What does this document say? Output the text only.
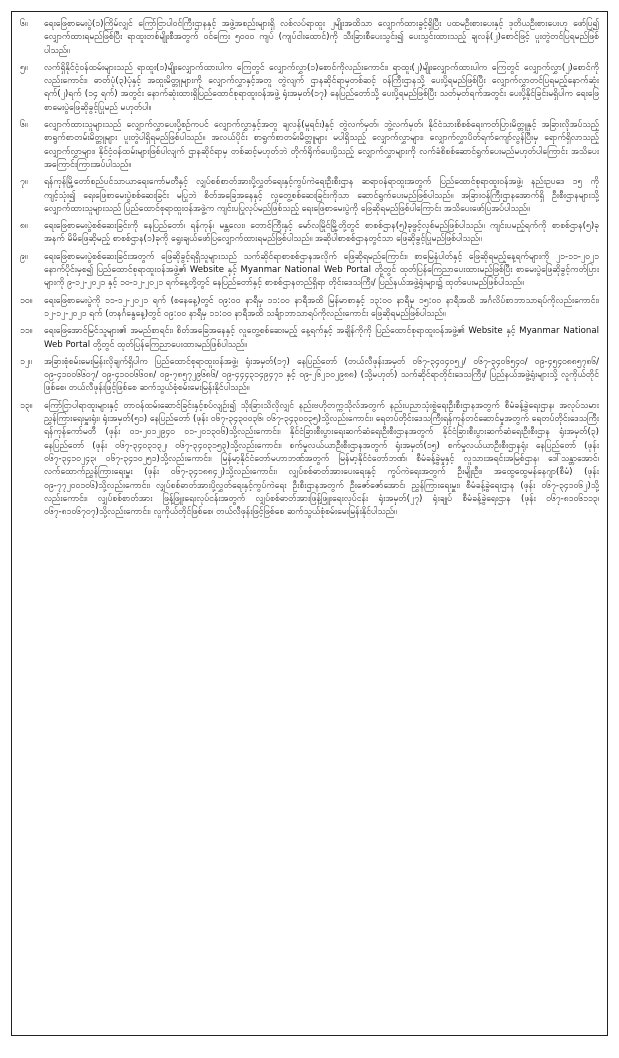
၆။	ရေးဖြေစာမေးပွဲ(၁)ကြိမ်လျှင် ကြော်ငြာပါဝင်ကြီးဌာနနှင့် အဖွဲ့အစည်းများရှိ လစ်လပ်ရာထူး ၂မျိုးအထိသာ လျှောက်ထားခွင့်ရှိပြီး ပထမဦးစားပေးနှင့် ဒုတိယဦးစားပေးဟု ဖော်ပြ၍ လျှောက်ထားရမည်ဖြစ်ပြီး ရာထူးတစ်မျိုးစီအတွက် ဝင်ကြေး ၅၀၀၀ ကျပ် (ကျပ်ငါးထောင်)ကို သီးခြားစီပေးသွင်း၍ ပေးသွင်းထားသည့် ချလန်(၂)စောင်ဖြင့် ပူးတွဲတင်ပြရမည်ဖြစ်ပါသည်။
၅။	လက်ရှိနိုင်ငံ့ဝန်ထမ်းများသည် ရာထူး(၁)မျိုးလျှောက်ထားပါက ကြေတွင် လျှောက်လွှာ(၁)စောင်ကိုလည်းကောင်း၊ ရာထူး(၂)မျိုးလျှောက်ထားပါက ကြေတွင် လျှောက်လွှာ(၂)စောင်ကိုလည်းကောင်း၊ ဓာတ်ပုံ(၃)ပုံနှင့် အထူးမိတ္တူများကို လျှောက်လွှာနှင့်အတူ တွဲလျက် ဌာနဆိုင်ရာမှတစ်ဆင့် ဝန်ကြီးဌာနသို့ ပေးပို့ရမည်ဖြစ်ပြီး လျှောက်လွှာတင်ပြရမည့်နောက်ဆုံးရက်(၂)ရက် (၁၄ ရက်) အတွင်း နောက်ဆုံးထားရှိပြည်ထောင်စုရာထူးဝန်အဖွဲ့ ရုံးအမှတ်(၁၇) နေပြည်တော်သို့ ပေးပို့ရမည်ဖြစ်ပြီး သတ်မှတ်ရက်အတွင်း ပေးပို့နိုင်ခြင်းမရှိပါက ရေးဖြေစာမေးပွဲဖြေဆိုခွင့်ပြုမည် မဟုတ်ပါ။
၆။	လျှောက်ထားသူများသည် လျှောက်လွှာပေးပို့စဉ်ကပင် လျှောက်လွှာနှင့်အတူ ချလန်(မူရင်း)နှင့် တွဲလက်မှတ်၊ ဘွဲ့လက်မှတ်၊ နိုင်ငံသားစိစစ်ရေးကတ်ပြားမိတ္တူနှင့် အခြားလိုအပ်သည့်စာရွက်စာတမ်းမိတ္တူများ ပူးတွဲပါရှိရမည်ဖြစ်ပါသည်။ အလယ်ပိုင်း စာရွက်စာတမ်းမိတ္တူများ မပါရှိသည့် လျှောက်လွှာများ၊ လျှောက်လွှာပိတ်ရက်ကျော်လွန်ပြီးမှ ရောက်ရှိလာသည့် လျှောက်လွှာများ၊ နိုင်ငံ့ဝန်ထမ်းများဖြစ်ပါလျက် ဌာနဆိုင်ရာမှ တစ်ဆင့်မဟုတ်ဘဲ တိုက်ရိုက်ပေးပို့သည့် လျှောက်လွှာများကို လက်ခံစိစစ်ဆောင်ရွက်ပေးမည်မဟုတ်ပါကြောင်း အသိပေးအကြောင်းကြားအပ်ပါသည်။
၇။	ရန်ကုန်မြို့တော်စည်ပင်သာယာရေးကော်မတီနှင့် လျှပ်စစ်စာတ်အားပို့လွှတ်ရေးနှင့်ကွပ်ကဲရေးဦးစီးဌာန ဆရာဝန်ရာထူးအတွက် ပြည်ထောင်စုရာထူးဝန်အဖွဲ့၊ နည်းဥပဒေ ၁၅ ကို ကျင့်သုံး၍ ရေးဖြေစာမေးပွဲစစ်ဆေးခြင်း မပြုဘဲ စိတ်အခြေအနေနှင့် လူတွေ့စစ်ဆေးခြင်းကိုသာ ဆောင်ရွက်ပေးမည်ဖြစ်ပါသည်။ အခြားဝန်ကြီးဌာနအောက်ရှိ ဦးစီးဌာနများသို့ လျှောက်ထားသူများသည် ပြည်ထောင်စုရာထူးဝန်အဖွဲ့က ကျင်းပပြုလုပ်မည်ဖြစ်သည့် ရေးဖြေစာမေးပွဲကို ဖြေဆိုရမည်ဖြစ်ပါကြောင်း အသိပေးဖော်ပြအပ်ပါသည်။
၈။	ရေးဖြေစာမေးပွဲစစ်ဆေးခြင်းကို နေပြည်တော်၊ ရန်ကုန်၊ မန္တလေး၊ တောင်ကြီးနှင့် မော်လမြိုင်မြို့တို့တွင် စာစစ်ဌာန(၅)ခုဖွင့်လှစ်မည်ဖြစ်ပါသည်။ ကျင်းပမည့်ရက်ကို စာစစ်ဌာန(၅)ခုအနက် မိမိဖြေဆိုမည့် စာစစ်ဌာန(၁)ခုကို ရွေးချယ်ဖော်ပြလျှောက်ထားရမည်ဖြစ်ပါသည်။ အဆိုပါစာစစ်ဌာနတွင်သာ ဖြေဆိုခွင့်ပြုမည်ဖြစ်ပါသည်။
၉။	ရေးဖြေစာမေးပွဲစစ်ဆေးခြင်းအတွက် ဖြေဆိုခွင့်ရရှိသူများသည် သက်ဆိုင်ရာစာစစ်ဌာနအလိုက် ဖြေဆိုရမည်ကြောင်း၊ စာမြေနံပါတ်နှင့် ဖြေဆိုရမည့်နေ့ရက်များကို ၂၁-၁၁-၂၀၂၁ နောက်ပိုင်းမှစ၍ ပြည်ထောင်စုရာထူးဝန်အဖွဲ့၏ Website နှင့် Myanmar National Web Portal တို့တွင် ထုတ်ပြန်ကြေညာပေးထားမည်ဖြစ်ပြီး စာမေးပွဲဖြေဆိုခွင့်ကတ်ပြားများကို ၉-၁၂-၂၀၂၁ နှင့် ၁၀-၁၂-၂၀၂၁ ရက်နေ့တို့တွင် နေပြည်တော်နှင့် စာစစ်ဌာနတည်ရှိရာ တိုင်းဒေသကြီး/ ပြည်နယ်အဖွဲ့ရုံးများ၌ ထုတ်ပေးမည်ဖြစ်ပါသည်။
၁၀။	ရေးဖြေစာမေးပွဲကို ၁၁-၁၂-၂၀၂၁ ရက် (စနေနေ့)တွင် ၀၉:၀၀ နာရီမှ ၁၁:၀၀ နာရီအထိ မြန်မာစာနှင့် ၁၃:၀၀ နာရီမှ ၁၅:၀၀ နာရီအထိ အင်္ဂလိပ်စာဘာသာရပ်ကိုလည်းကောင်း၊ ၁၂-၁၂-၂၀၂၁ ရက် (တနင်္ဂနွေနေ့)တွင် ၀၉:၀၀ နာရီမှ ၁၁:၀၀ နာရီအထိ သင်္ချာဘာသာရပ်ကိုလည်းကောင်း ဖြေဆိုရမည်ဖြစ်ပါသည်။
၁၁။	ရေးဖြေအောင်မြင်သူများ၏ အမည်စာရင်း၊ စိတ်အခြေအနေနှင့် လူတွေ့စစ်ဆေးမည့် နေ့ရက်နှင့် အချိန်ကိုကို ပြည်ထောင်စုရာထူးဝန်အဖွဲ့၏ Website နှင့် Myanmar National Web Portal တို့တွင် ထုတ်ပြန်ကြေညာပေးထားမည်ဖြစ်ပါသည်။
၁၂။	အခြားစုံစမ်းမေးမြန်းလိုချက်ရှိပါက ပြည်ထောင်စုရာထူးဝန်အဖွဲ့၊ ရုံးအမှတ်(၁၇) နေပြည်တော် (တယ်လီဖုန်းအမှတ် ၀၆၇-၃၄၀၄၀၅၂/ ၀၆၇-၃၄၀၆၅၄၀/ ၀၉-၄၅၄၀၈၈၅၇၈၆/ ၀၉-၄၁၀၀၆၆၀၇/ ၀၉-၄၁၀၀၆၆၀၈/ ၀၉-၇၈၅၇၂၉၆၈၆/ ၀၉-၄၄၄၃၁၄၉၄၇၁ နှင့် ၀၉-၂၆၂၁၀၂၉၈၈) (သို့မဟုတ်) သက်ဆိုင်ရာတိုင်းဒေသကြီး/ ပြည်နယ်အဖွဲ့ရုံးများသို့ လူကိုယ်တိုင်ဖြစ်စေ၊ တယ်လီဖုန်းဖြင့်ဖြစ်စေ ဆက်သွယ်စုံစမ်းမေးမြန်းနိုင်ပါသည်။
၁၃။	ကြော်ငြာပါရာထူးများနှင့် တာဝန်ထမ်းဆောင်ခြင်းနှင့်စပ်လျဉ်း၍ သိုးခြားသိလိုလျှင် နည်းဗဟိုတက္ကသိုလ်အတွက် နည်းပညာသုံးစွဲရေးဦးစီးဌာနအတွက် စီမံခန့်ခွဲရေးဌာန၊ အလုပ်သမားညွှန်ကြားရေးမှူးရုံး၊ ရုံးအမှတ်(၅၁) နေပြည်တော် (ဖုန်း ၀၆၇-၃၄၃၀၀၃၆၊ ၀၆၇-၃၄၃၀၀၃၅)သို့လည်းကောင်း၊ ရေတပ်တိုင်းဒေသကြီးရန်ကုန်တင်ဆောင်မှုအတွက် ရေတပ်တိုင်းဒေသကြီးရန်ကုန်ကော်မတီ (ဖုန်း ၀၁-၂၀၁၂၉၄၀ ၀၁-၂၀၁၃၀၆)သို့လည်းကောင်း၊ နိုင်ငံခြားစီးပွားရေးဆက်ဆံရေးဦးစီးဌာနအတွက် နိုင်ငံခြားစီးပွားဆက်ဆံရေးဦးစီးဌာန ရုံးအမှတ်(၃) နေပြည်တော် (ဖုန်း ၀၆၇-၃၄၀၃၁၃၂၊ ၀၆၇-၃၄၀၃၁၅၃)သို့လည်းကောင်း၊ စက်မှုလယ်ယာဦးစီးဌာနအတွက် ရုံးအမှတ်(၁၅) စက်မှုလယ်ယာဦးစီးဌာနရုံး နေပြည်တော် (ဖုန်း ၀၆၇-၃၄၁၀၂၄၃၊ ၀၆၇-၃၄၁၀၂၅၁)သို့လည်းကောင်း၊ မြန်မာ့နိုင်ငံတော်မဟာဘဏ်အတွက် မြန်မာ့နိုင်ငံတော်ဘဏ်၊ စီမံခန့်ခွဲမှုနှင့် လူသားအရင်းအမြစ်ဌာန၊ ဒေါ်သန္တာအောင်၊ လက်ထောက်ညွှန်ကြားရေးမှူး (ဖုန်း ၀၆၇-၃၄၁၈၈၄၂)သို့လည်းကောင်း၊ လျှပ်စစ်ဓာတ်အားပေးရေးနှင့် ကွပ်ကဲရေးအတွက် ဦးမျိုးဦး၊ အထွေထွေမန်နေဂျာ(စီမံ) (ဖုန်း ၀၉-၇၇၂၀၀၁၀၆)သို့လည်းကောင်း၊ လျှပ်စစ်ဓာတ်အားပို့လွှတ်ရေးနှင့်ကွပ်ကဲရေး ဦးစီးဌာနအတွက် ဦးဇော်ဇော်အောင်၊ ညွှန်ကြားရေးမှူး၊ စီမံခန့်ခွဲရေးဌာန (ဖုန်း ၀၆၇-၃၄၁၀၆၂)သို့လည်းကောင်း၊ လျှပ်စစ်စာတ်အား ဖြန့်ဖြူးရေးလုပ်ငန်းအတွက် လျှပ်စစ်ဓာတ်အားဖြန့်ဖြူးရေးလုပ်ငန်း ရုံးအမှတ်(၂၇) ရုံးချုပ် စီမံခန့်ခွဲရေးဌာန (ဖုန်း ၀၆၇-၈၁၀၆၁၁၃၊ ၀၆၇-၈၁၀၆၇၀၇)သို့လည်းကောင်း၊ လူကိုယ်တိုင်ဖြစ်စေ၊ တယ်လီဖုန်းဖြင့်ဖြစ်စေ ဆက်သွယ်စုံစမ်းမေးမြန်းနိုင်ပါသည်။
